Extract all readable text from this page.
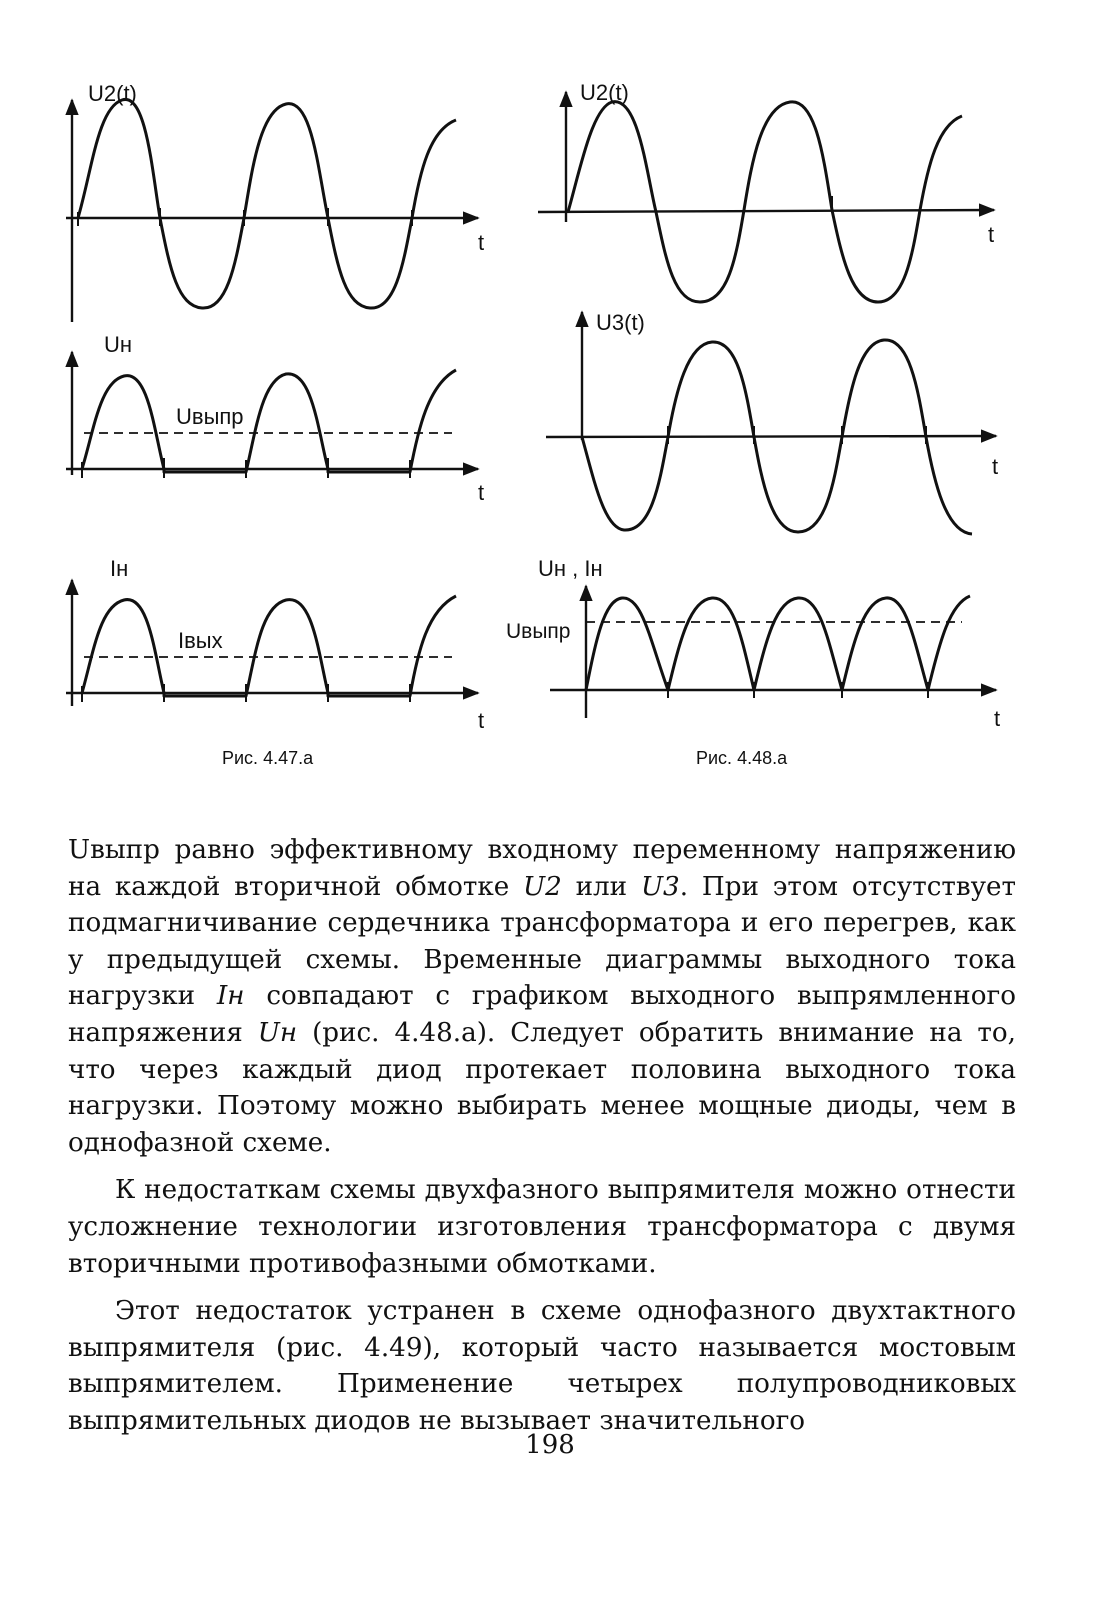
U2(t)
t
Uн
t
Uвыпр
Iн
t
Iвых
Рис. 4.47.а
U2(t)
t
U3(t)
t
Uн , Iн
t
Uвыпр
Рис. 4.48.а

Uвыпр равно эффективному входному переменному напряжению на каждой вторичной обмотке U2 или U3. При этом отсутствует подмагничивание сердечника трансформатора и его перегрев, как у предыдущей схемы. Временные диаграммы выходного тока нагрузки Iн совпадают с графиком выходного выпрямленного напряжения Uн (рис. 4.48.а). Следует обратить внимание на то, что через каждый диод протекает половина выходного тока нагрузки. Поэтому можно выбирать менее мощные диоды, чем в однофазной схеме.

К недостаткам схемы двухфазного выпрямителя можно отнести усложнение технологии изготовления трансформатора с двумя вторичными противофазными обмотками.

Этот недостаток устранен в схеме однофазного двухтактного выпрямителя (рис. 4.49), который часто называется мостовым выпрямителем. Применение четырех полупроводниковых выпрямительных диодов не вызывает значительного

198
